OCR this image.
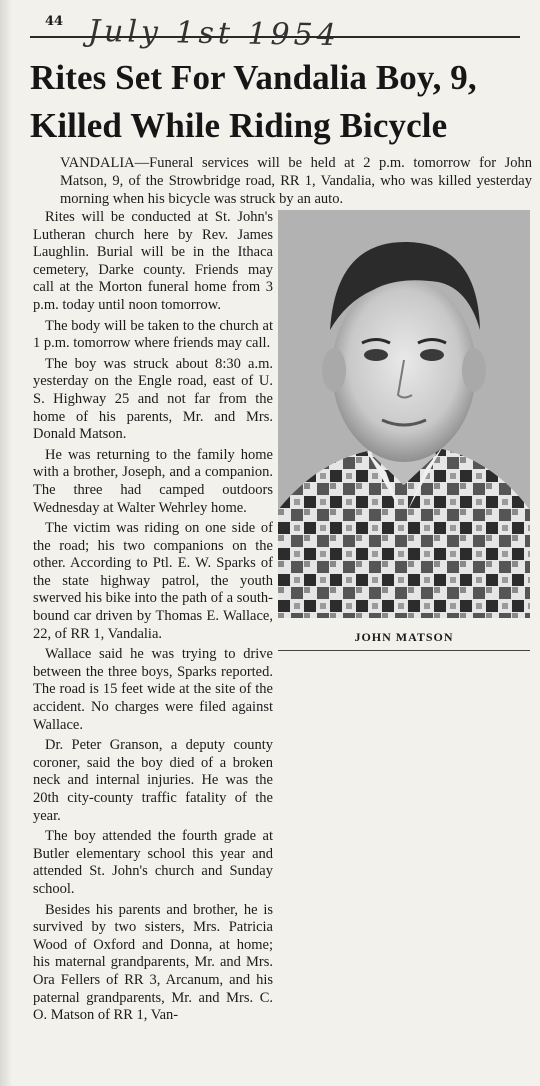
44 July 1st 1954
Rites Set For Vandalia Boy, 9, Killed While Riding Bicycle

VANDALIA—Funeral services will be held at 2 p.m. tomorrow for John Matson, 9, of the Strowbridge road, RR 1, Vandalia, who was killed yesterday morning when his bicycle was struck by an auto.

Rites will be conducted at St. John's Lutheran church here by Rev. James Laughlin. Burial will be in the Ithaca cemetery, Darke county. Friends may call at the Morton funeral home from 3 p.m. today until noon tomorrow.

The body will be taken to the church at 1 p.m. tomorrow where friends may call.

The boy was struck about 8:30 a.m. yesterday on the Engle road, east of U. S. Highway 25 and not far from the home of his parents, Mr. and Mrs. Donald Matson.

He was returning to the family home with a brother, Joseph, and a companion. The three had camped outdoors Wednesday at Walter Wehrley home.

The victim was riding on one side of the road; his two companions on the other. According to Ptl. E. W. Sparks of the state highway patrol, the youth swerved his bike into the path of a south-bound car driven by Thomas E. Wallace, 22, of RR 1, Vandalia.

Wallace said he was trying to drive between the three boys, Sparks reported. The road is 15 feet wide at the site of the accident. No charges were filed against Wallace.

Dr. Peter Granson, a deputy county coroner, said the boy died of a broken neck and internal injuries. He was the 20th city-county traffic fatality of the year.

The boy attended the fourth grade at Butler elementary school this year and attended St. John's church and Sunday school.

Besides his parents and brother, he is survived by two sisters, Mrs. Patricia Wood of Oxford and Donna, at home; his maternal grandparents, Mr. and Mrs. Ora Fellers of RR 3, Arcanum, and his paternal grandparents, Mr. and Mrs. C. O. Matson of RR 1, Van-

JOHN MATSON
